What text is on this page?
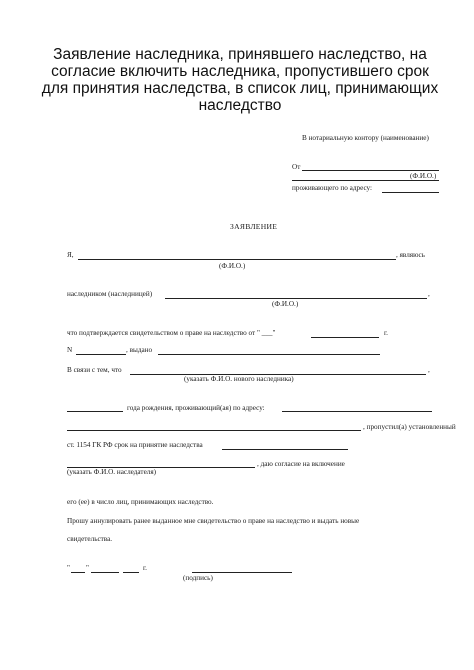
Заявление наследника, принявшего наследство, на согласие включить наследника, пропустившего срок для принятия наследства, в список лиц, принимающих наследство
В нотариальную контору (наименование)
От
(Ф.И.О.)
проживающего по адресу:
ЗАЯВЛЕНИЕ
Я,	, являюсь
(Ф.И.О.)
наследником (наследницей)	,
(Ф.И.О.)
что подтверждается свидетельством о праве на наследство от " ___"	г.
N	, выдано
В связи с тем, что	,
(указать Ф.И.О. нового наследника)
года рождения, проживающий(ая) по адресу:
, пропустил(а) установленный
ст. 1154 ГК РФ срок на принятие наследства
, даю согласие на включение
(указать Ф.И.О. наследателя)
его (ее) в число лиц, принимающих наследство.
Прошу аннулировать ранее выданное мне свидетельство о праве на наследство и выдать новые
свидетельства.
" "	г.
(подпись)
